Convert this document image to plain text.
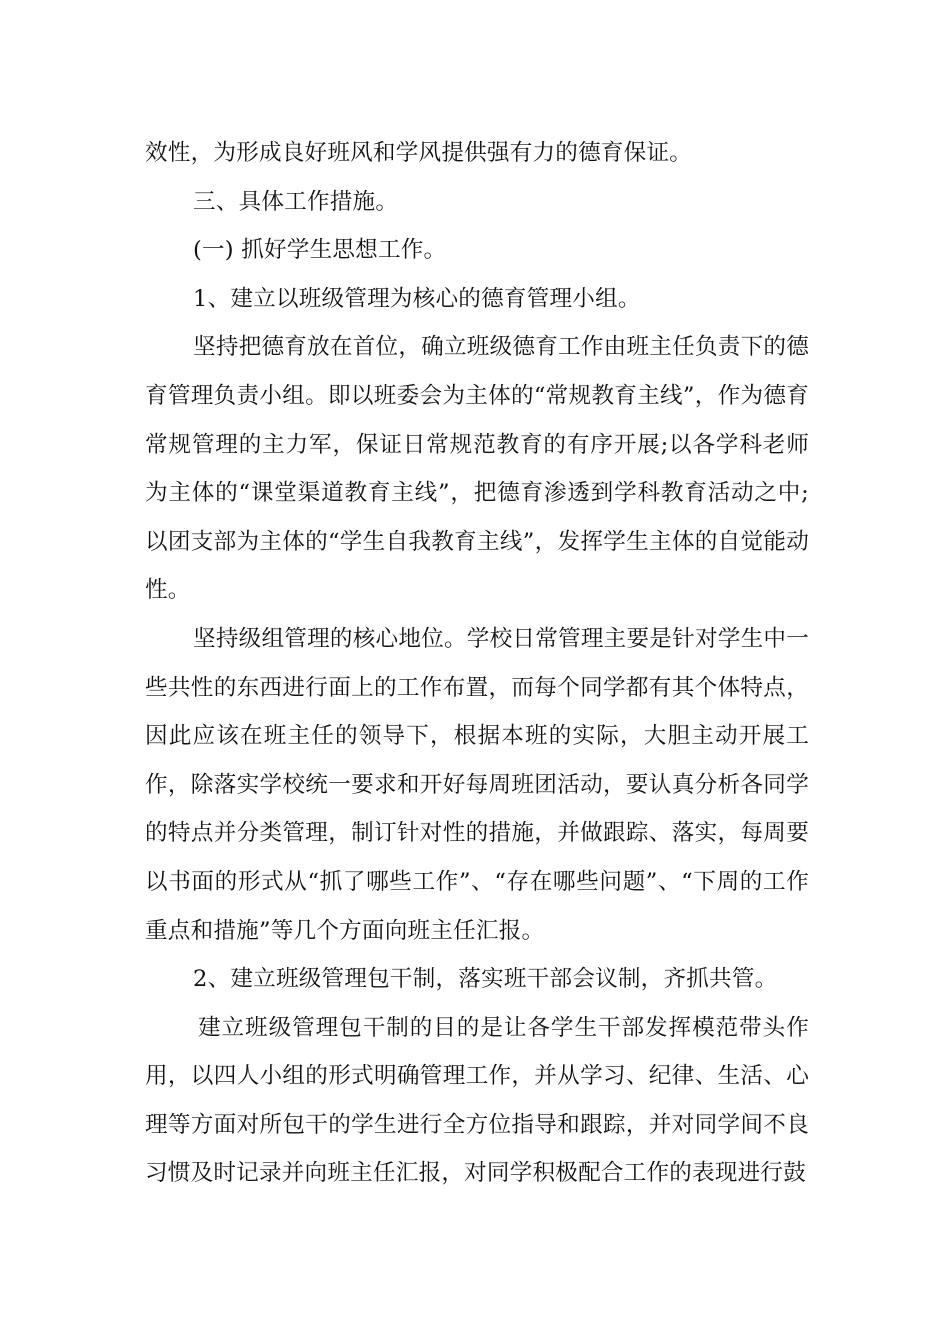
效性，为形成良好班风和学风提供强有力的德育保证。

三、具体工作措施。

(一) 抓好学生思想工作。

1、建立以班级管理为核心的德育管理小组。

坚持把德育放在首位，确立班级德育工作由班主任负责下的德育管理负责小组。即以班委会为主体的“常规教育主线”，作为德育常规管理的主力军，保证日常规范教育的有序开展;以各学科老师为主体的“课堂渠道教育主线”，把德育渗透到学科教育活动之中;以团支部为主体的“学生自我教育主线”，发挥学生主体的自觉能动性。

坚持级组管理的核心地位。学校日常管理主要是针对学生中一些共性的东西进行面上的工作布置，而每个同学都有其个体特点，因此应该在班主任的领导下，根据本班的实际，大胆主动开展工作，除落实学校统一要求和开好每周班团活动，要认真分析各同学的特点并分类管理，制订针对性的措施，并做跟踪、落实，每周要以书面的形式从“抓了哪些工作”、“存在哪些问题”、“下周的工作重点和措施”等几个方面向班主任汇报。

2、建立班级管理包干制，落实班干部会议制，齐抓共管。

建立班级管理包干制的目的是让各学生干部发挥模范带头作用，以四人小组的形式明确管理工作，并从学习、纪律、生活、心理等方面对所包干的学生进行全方位指导和跟踪，并对同学间不良习惯及时记录并向班主任汇报，对同学积极配合工作的表现进行鼓
